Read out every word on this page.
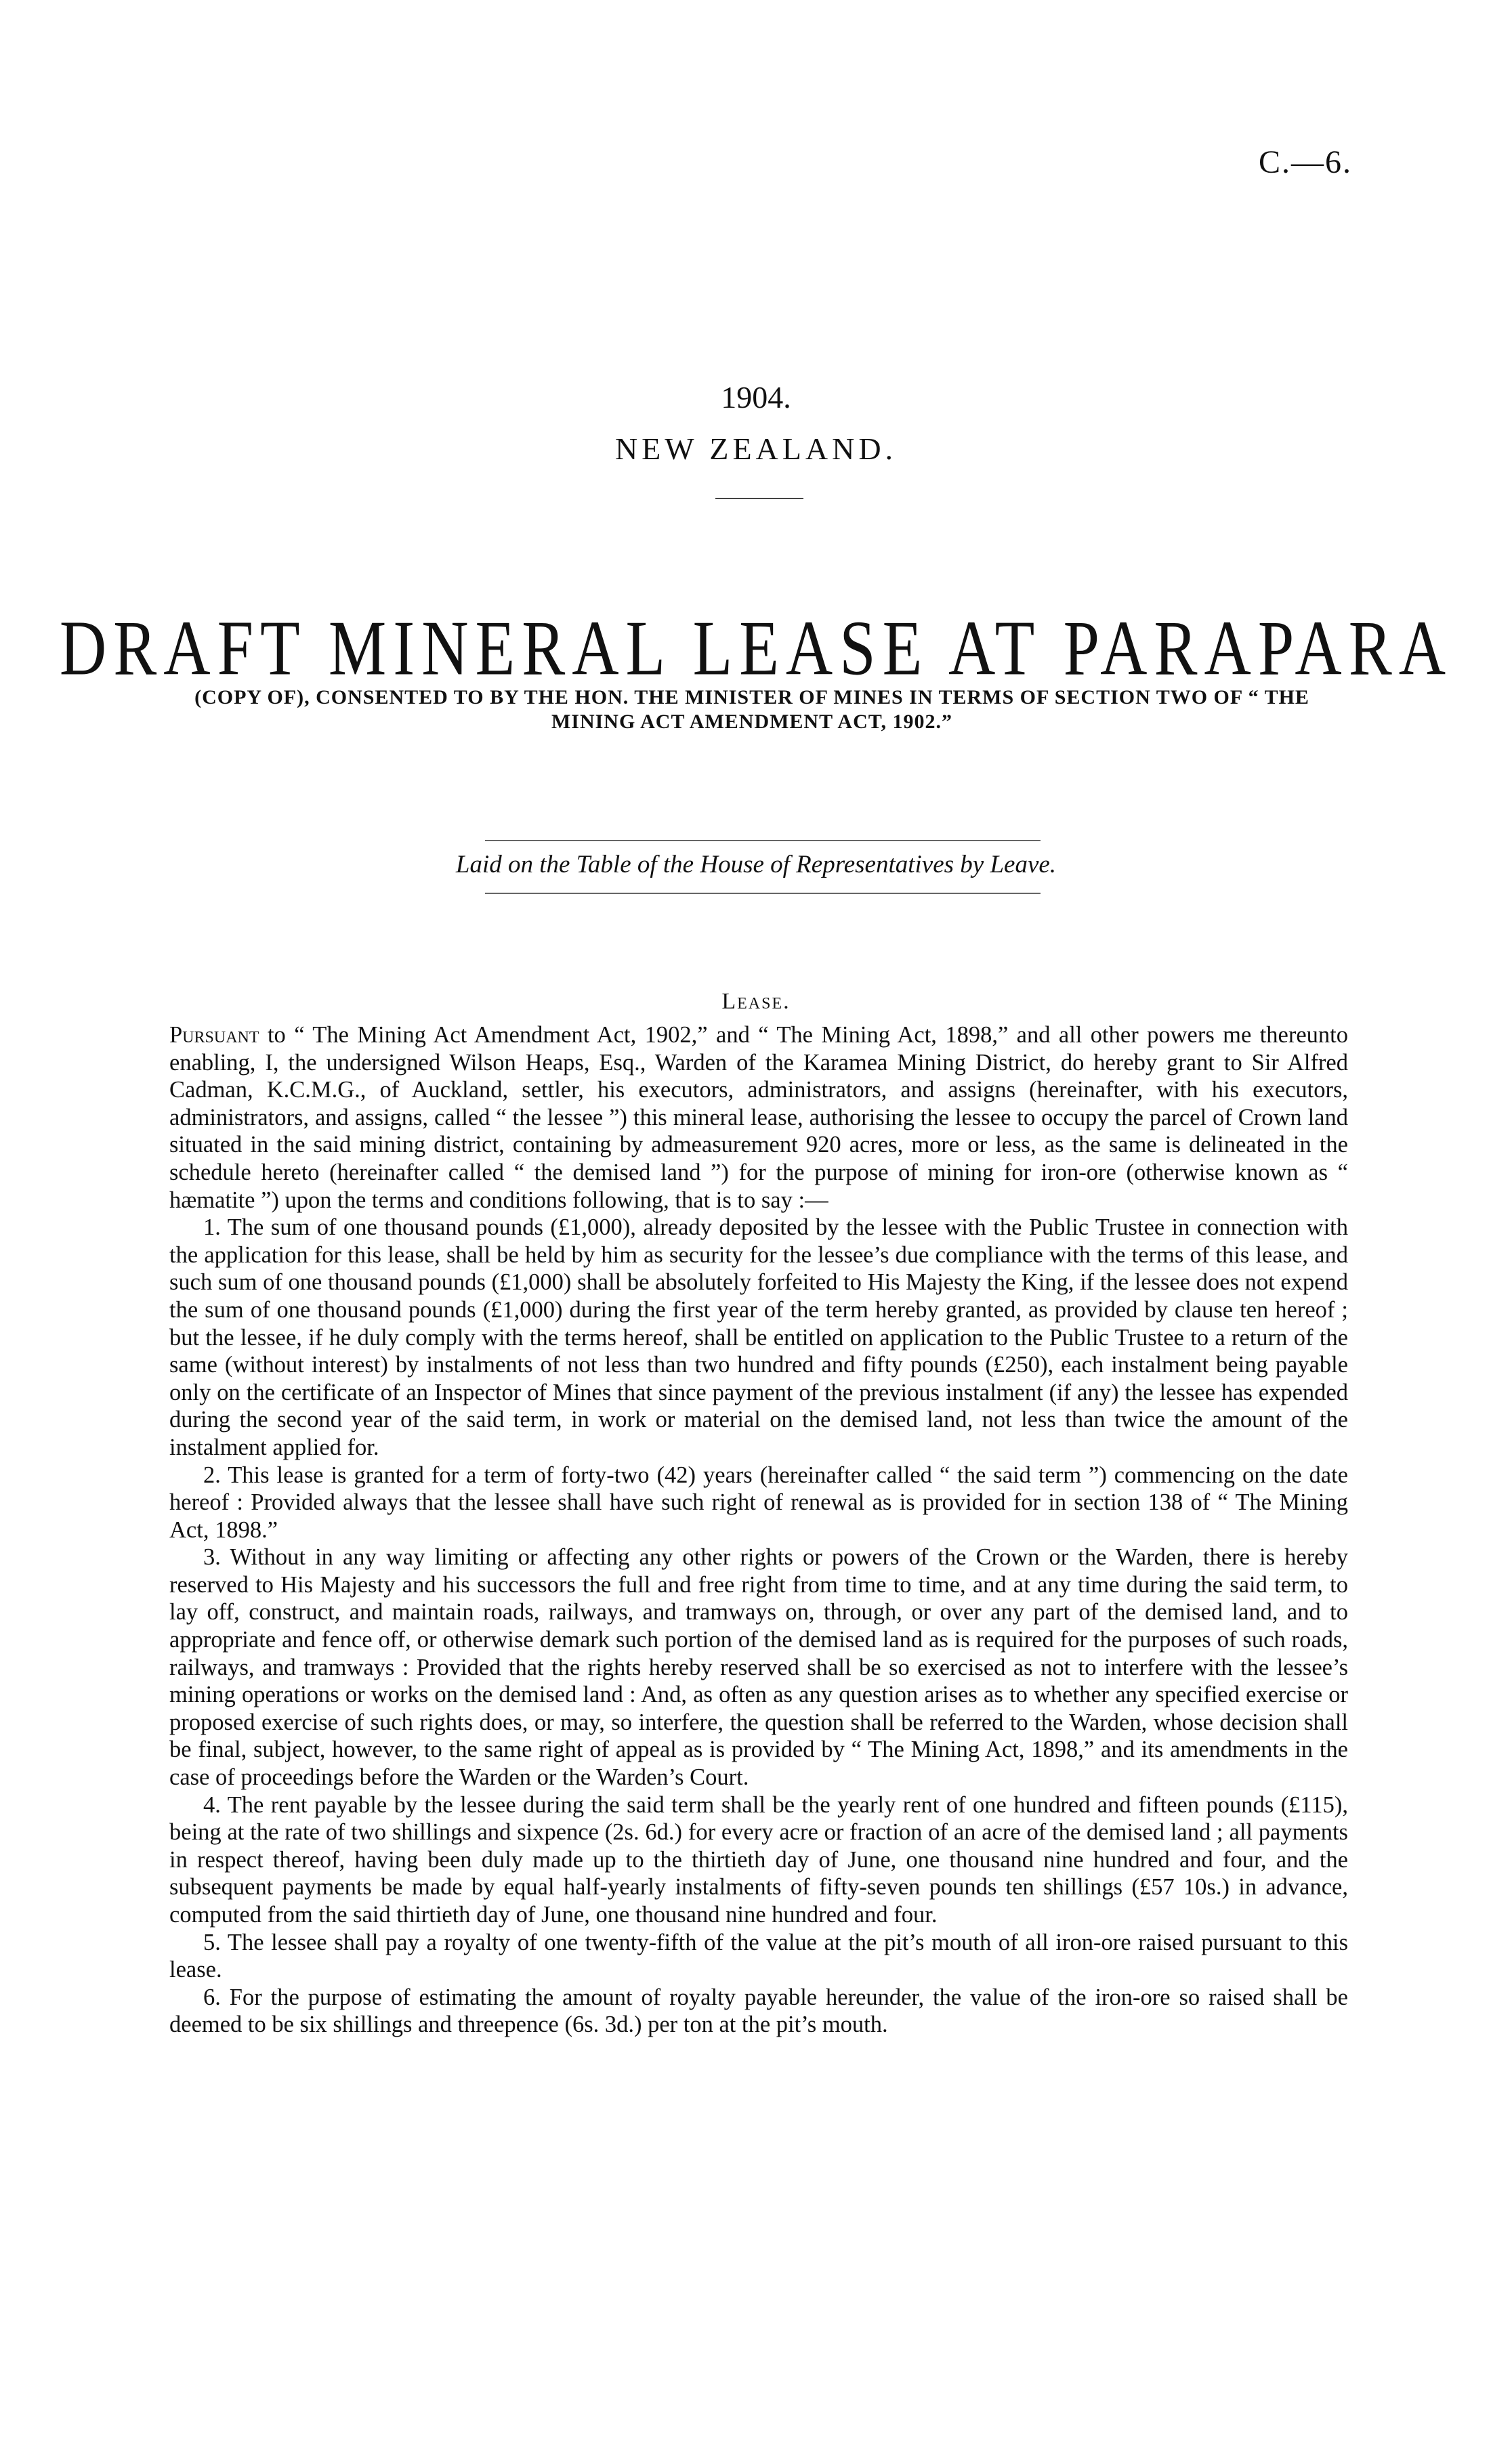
C.—6.
1904.
NEW ZEALAND.
DRAFT MINERAL LEASE AT PARAPARA
(COPY OF), CONSENTED TO BY THE HON. THE MINISTER OF MINES IN TERMS OF SECTION TWO OF “ THE MINING ACT AMENDMENT ACT, 1902.”
Laid on the Table of the House of Representatives by Leave.
Lease.

Pursuant to “ The Mining Act Amendment Act, 1902,” and “ The Mining Act, 1898,” and all other powers me thereunto enabling, I, the undersigned Wilson Heaps, Esq., Warden of the Karamea Mining District, do hereby grant to Sir Alfred Cadman, K.C.M.G., of Auckland, settler, his executors, administrators, and assigns (hereinafter, with his executors, administrators, and assigns, called “ the lessee ”) this mineral lease, authorising the lessee to occupy the parcel of Crown land situated in the said mining district, containing by admeasurement 920 acres, more or less, as the same is delineated in the schedule hereto (hereinafter called “ the demised land ”) for the purpose of mining for iron-ore (otherwise known as “ hæmatite ”) upon the terms and conditions following, that is to say :—

1. The sum of one thousand pounds (£1,000), already deposited by the lessee with the Public Trustee in connection with the application for this lease, shall be held by him as security for the lessee’s due compliance with the terms of this lease, and such sum of one thousand pounds (£1,000) shall be absolutely forfeited to His Majesty the King, if the lessee does not expend the sum of one thousand pounds (£1,000) during the first year of the term hereby granted, as provided by clause ten hereof ; but the lessee, if he duly comply with the terms hereof, shall be entitled on application to the Public Trustee to a return of the same (without interest) by instalments of not less than two hundred and fifty pounds (£250), each instalment being payable only on the certificate of an Inspector of Mines that since payment of the previous instalment (if any) the lessee has expended during the second year of the said term, in work or material on the demised land, not less than twice the amount of the instalment applied for.

2. This lease is granted for a term of forty-two (42) years (hereinafter called “ the said term ”) commencing on the date hereof : Provided always that the lessee shall have such right of renewal as is provided for in section 138 of “ The Mining Act, 1898.”

3. Without in any way limiting or affecting any other rights or powers of the Crown or the Warden, there is hereby reserved to His Majesty and his successors the full and free right from time to time, and at any time during the said term, to lay off, construct, and maintain roads, railways, and tramways on, through, or over any part of the demised land, and to appropriate and fence off, or otherwise demark such portion of the demised land as is required for the purposes of such roads, railways, and tramways : Provided that the rights hereby reserved shall be so exercised as not to interfere with the lessee’s mining operations or works on the demised land : And, as often as any question arises as to whether any specified exercise or proposed exercise of such rights does, or may, so interfere, the question shall be referred to the Warden, whose decision shall be final, subject, however, to the same right of appeal as is provided by “ The Mining Act, 1898,” and its amendments in the case of proceedings before the Warden or the Warden’s Court.

4. The rent payable by the lessee during the said term shall be the yearly rent of one hundred and fifteen pounds (£115), being at the rate of two shillings and sixpence (2s. 6d.) for every acre or fraction of an acre of the demised land ; all payments in respect thereof, having been duly made up to the thirtieth day of June, one thousand nine hundred and four, and the subsequent payments be made by equal half-yearly instalments of fifty-seven pounds ten shillings (£57 10s.) in advance, computed from the said thirtieth day of June, one thousand nine hundred and four.

5. The lessee shall pay a royalty of one twenty-fifth of the value at the pit’s mouth of all iron-ore raised pursuant to this lease.

6. For the purpose of estimating the amount of royalty payable hereunder, the value of the iron-ore so raised shall be deemed to be six shillings and threepence (6s. 3d.) per ton at the pit’s mouth.
